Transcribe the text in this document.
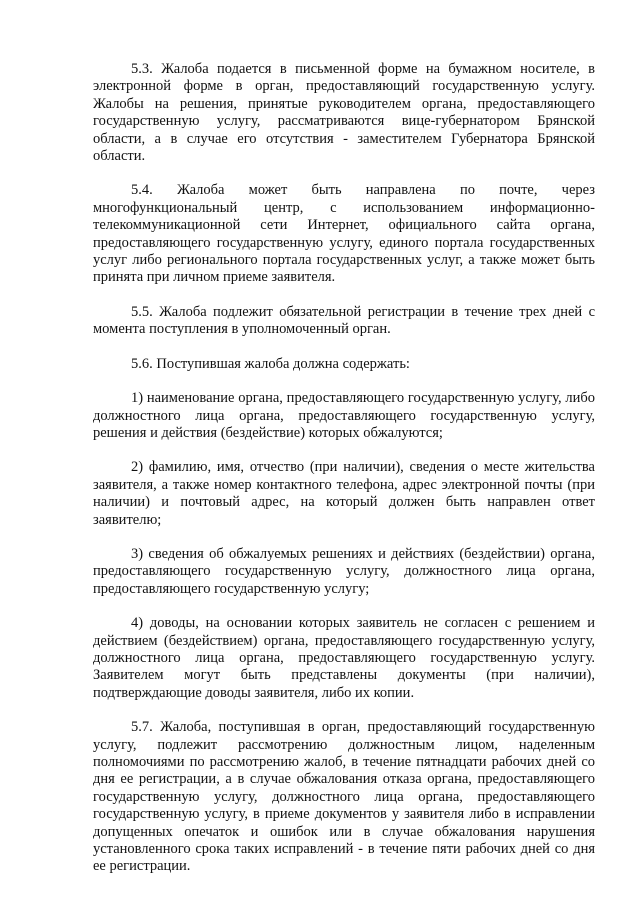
5.3. Жалоба подается в письменной форме на бумажном носителе, в электронной форме в орган, предоставляющий государственную услугу. Жалобы на решения, принятые руководителем органа, предоставляющего государственную услугу, рассматриваются вице-губернатором Брянской области, а в случае его отсутствия - заместителем Губернатора Брянской области.

5.4. Жалоба может быть направлена по почте, через многофункциональный центр, с использованием информационно-телекоммуникационной сети Интернет, официального сайта органа, предоставляющего государственную услугу, единого портала государственных услуг либо регионального портала государственных услуг, а также может быть принята при личном приеме заявителя.

5.5. Жалоба подлежит обязательной регистрации в течение трех дней с момента поступления в уполномоченный орган.

5.6. Поступившая жалоба должна содержать:

1) наименование органа, предоставляющего государственную услугу, либо должностного лица органа, предоставляющего государственную услугу, решения и действия (бездействие) которых обжалуются;

2) фамилию, имя, отчество (при наличии), сведения о месте жительства заявителя, а также номер контактного телефона, адрес электронной почты (при наличии) и почтовый адрес, на который должен быть направлен ответ заявителю;

3) сведения об обжалуемых решениях и действиях (бездействии) органа, предоставляющего государственную услугу, должностного лица органа, предоставляющего государственную услугу;

4) доводы, на основании которых заявитель не согласен с решением и действием (бездействием) органа, предоставляющего государственную услугу, должностного лица органа, предоставляющего государственную услугу. Заявителем могут быть представлены документы (при наличии), подтверждающие доводы заявителя, либо их копии.

5.7. Жалоба, поступившая в орган, предоставляющий государственную услугу, подлежит рассмотрению должностным лицом, наделенным полномочиями по рассмотрению жалоб, в течение пятнадцати рабочих дней со дня ее регистрации, а в случае обжалования отказа органа, предоставляющего государственную услугу, должностного лица органа, предоставляющего государственную услугу, в приеме документов у заявителя либо в исправлении допущенных опечаток и ошибок или в случае обжалования нарушения установленного срока таких исправлений - в течение пяти рабочих дней со дня ее регистрации.
